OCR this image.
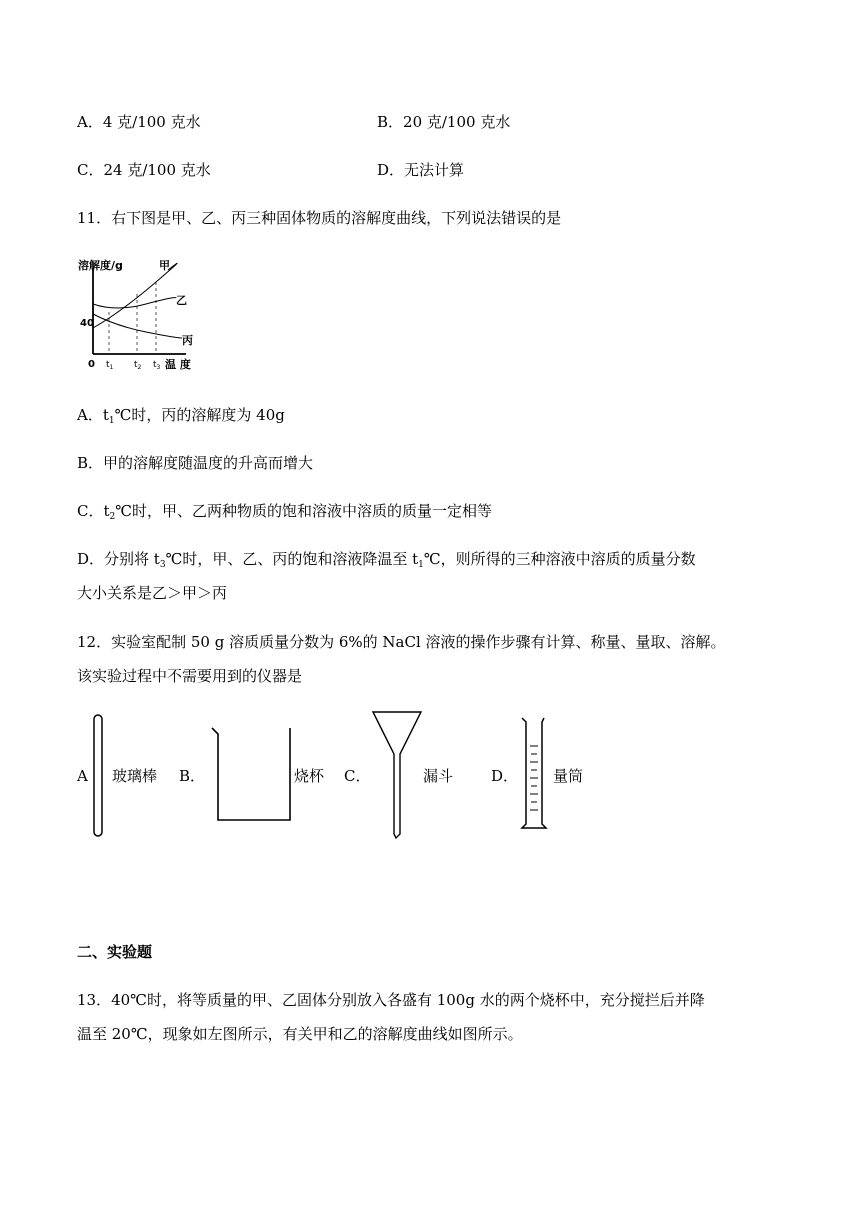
A．4 克/100 克水	B．20 克/100 克水
C．24 克/100 克水	D．无法计算
11．右下图是甲、乙、丙三种固体物质的溶解度曲线，下列说法错误的是
溶解度/g
40
0 $t_1$ $t_2$ $t_3$ 温 度
甲
乙
丙
A．$t_1℃$时，丙的溶解度为 40g
B．甲的溶解度随温度的升高而增大
C．$t_2℃$时，甲、乙两种物质的饱和溶液中溶质的质量一定相等
D．分别将 $t_3℃$时，甲、乙、丙的饱和溶液降温至 $t_1℃$，则所得的三种溶液中溶质的质量分数
大小关系是乙＞甲＞丙
12．实验室配制 50 g 溶质质量分数为 6%的 NaCl 溶液的操作步骤有计算、称量、量取、溶解。
该实验过程中不需要用到的仪器是
A 玻璃棒 B．	烧杯 C．	漏斗	D． 量筒
二、实验题
13．40℃时，将等质量的甲、乙固体分别放入各盛有 100g 水的两个烧杯中，充分搅拦后并降
温至 20℃，现象如左图所示，有关甲和乙的溶解度曲线如图所示。
